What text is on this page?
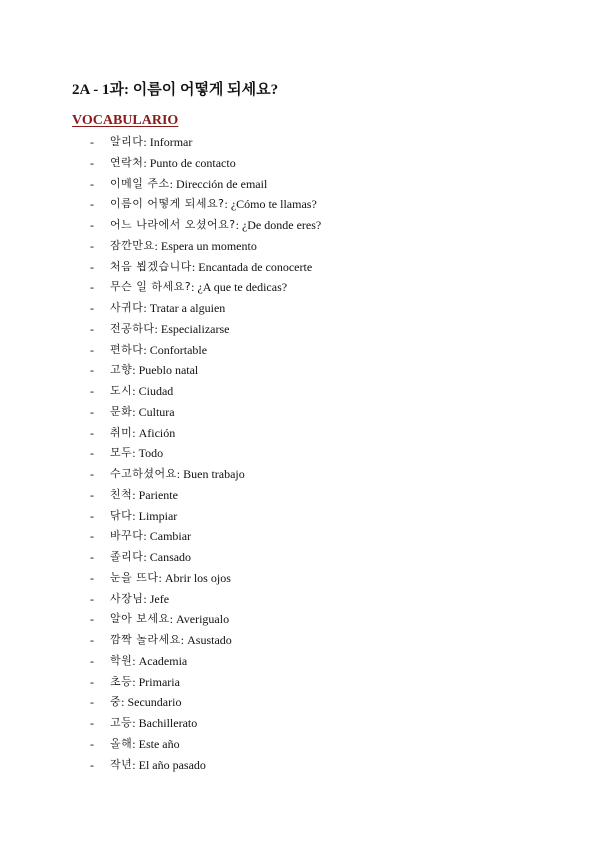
2A - 1과: 이름이 어떻게 되세요?
VOCABULARIO
-	알리다 : Informar
-	연락처 : Punto de contacto
-	이메일 주소 : Dirección de email
-	이름이 어떻게 되세요? : ¿Cómo te llamas?
-	어느 나라에서 오셨어요? : ¿De donde eres?
-	잠깐만요 : Espera un momento
-	처음 뵙겠습니다 : Encantada de conocerte
-	무슨 일 하세요? : ¿A que te dedicas?
-	사귀다 : Tratar a alguien
-	전공하다 : Especializarse
-	편하다 : Confortable
-	고향 : Pueblo natal
-	도시 : Ciudad
-	문화 : Cultura
-	취미 : Afición
-	모두 : Todo
-	수고하셨어요 : Buen trabajo
-	친척 : Pariente
-	닦다 : Limpiar
-	바꾸다 : Cambiar
-	졸리다 : Cansado
-	눈을 뜨다 : Abrir los ojos
-	사장님 : Jefe
-	알아 보세요 : Averigualo
-	깜짝 놀라세요 : Asustado
-	학원 : Academia
-	초등 : Primaria
-	중 : Secundario
-	고등 : Bachillerato
-	올해 : Este año
-	작년 : El año pasado
